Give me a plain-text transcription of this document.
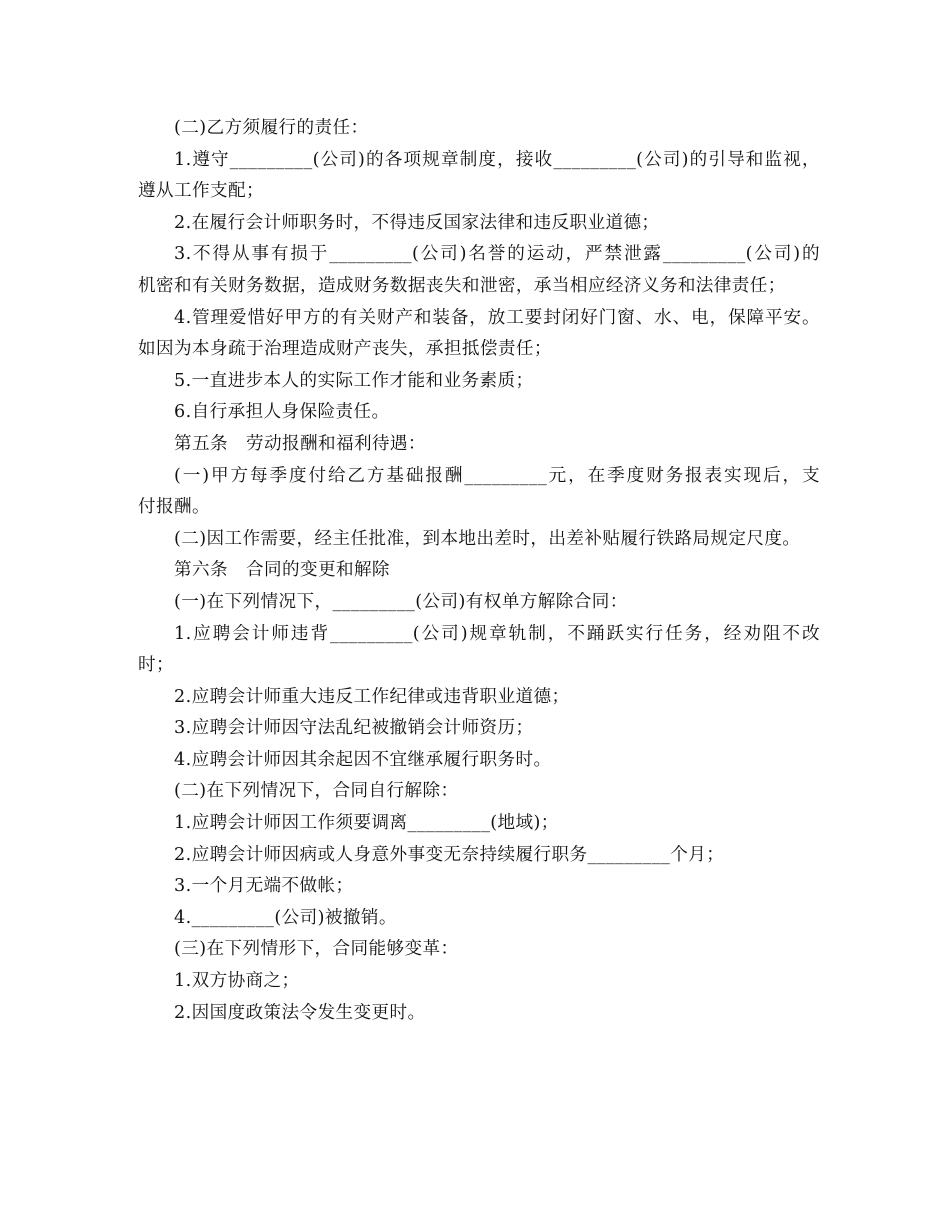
(二)乙方须履行的责任：
1.遵守_________(公司)的各项规章制度，接收_________(公司)的引导和监视，
遵从工作支配；
2.在履行会计师职务时，不得违反国家法律和违反职业道德；
3.不得从事有损于_________(公司)名誉的运动，严禁泄露_________(公司)的
机密和有关财务数据，造成财务数据丧失和泄密，承当相应经济义务和法律责任；
4.管理爱惜好甲方的有关财产和装备，放工要封闭好门窗、水、电，保障平安。
如因为本身疏于治理造成财产丧失，承担抵偿责任；
5.一直进步本人的实际工作才能和业务素质；
6.自行承担人身保险责任。
第五条　劳动报酬和福利待遇：
(一)甲方每季度付给乙方基础报酬_________元，在季度财务报表实现后，支
付报酬。
(二)因工作需要，经主任批准，到本地出差时，出差补贴履行铁路局规定尺度。
第六条　合同的变更和解除
(一)在下列情况下，_________(公司)有权单方解除合同：
1.应聘会计师违背_________(公司)规章轨制，不踊跃实行任务，经劝阻不改
时；
2.应聘会计师重大违反工作纪律或违背职业道德；
3.应聘会计师因守法乱纪被撤销会计师资历；
4.应聘会计师因其余起因不宜继承履行职务时。
(二)在下列情况下，合同自行解除：
1.应聘会计师因工作须要调离_________(地域)；
2.应聘会计师因病或人身意外事变无奈持续履行职务_________个月；
3.一个月无端不做帐；
4._________(公司)被撤销。
(三)在下列情形下，合同能够变革：
1.双方协商之；
2.因国度政策法令发生变更时。
